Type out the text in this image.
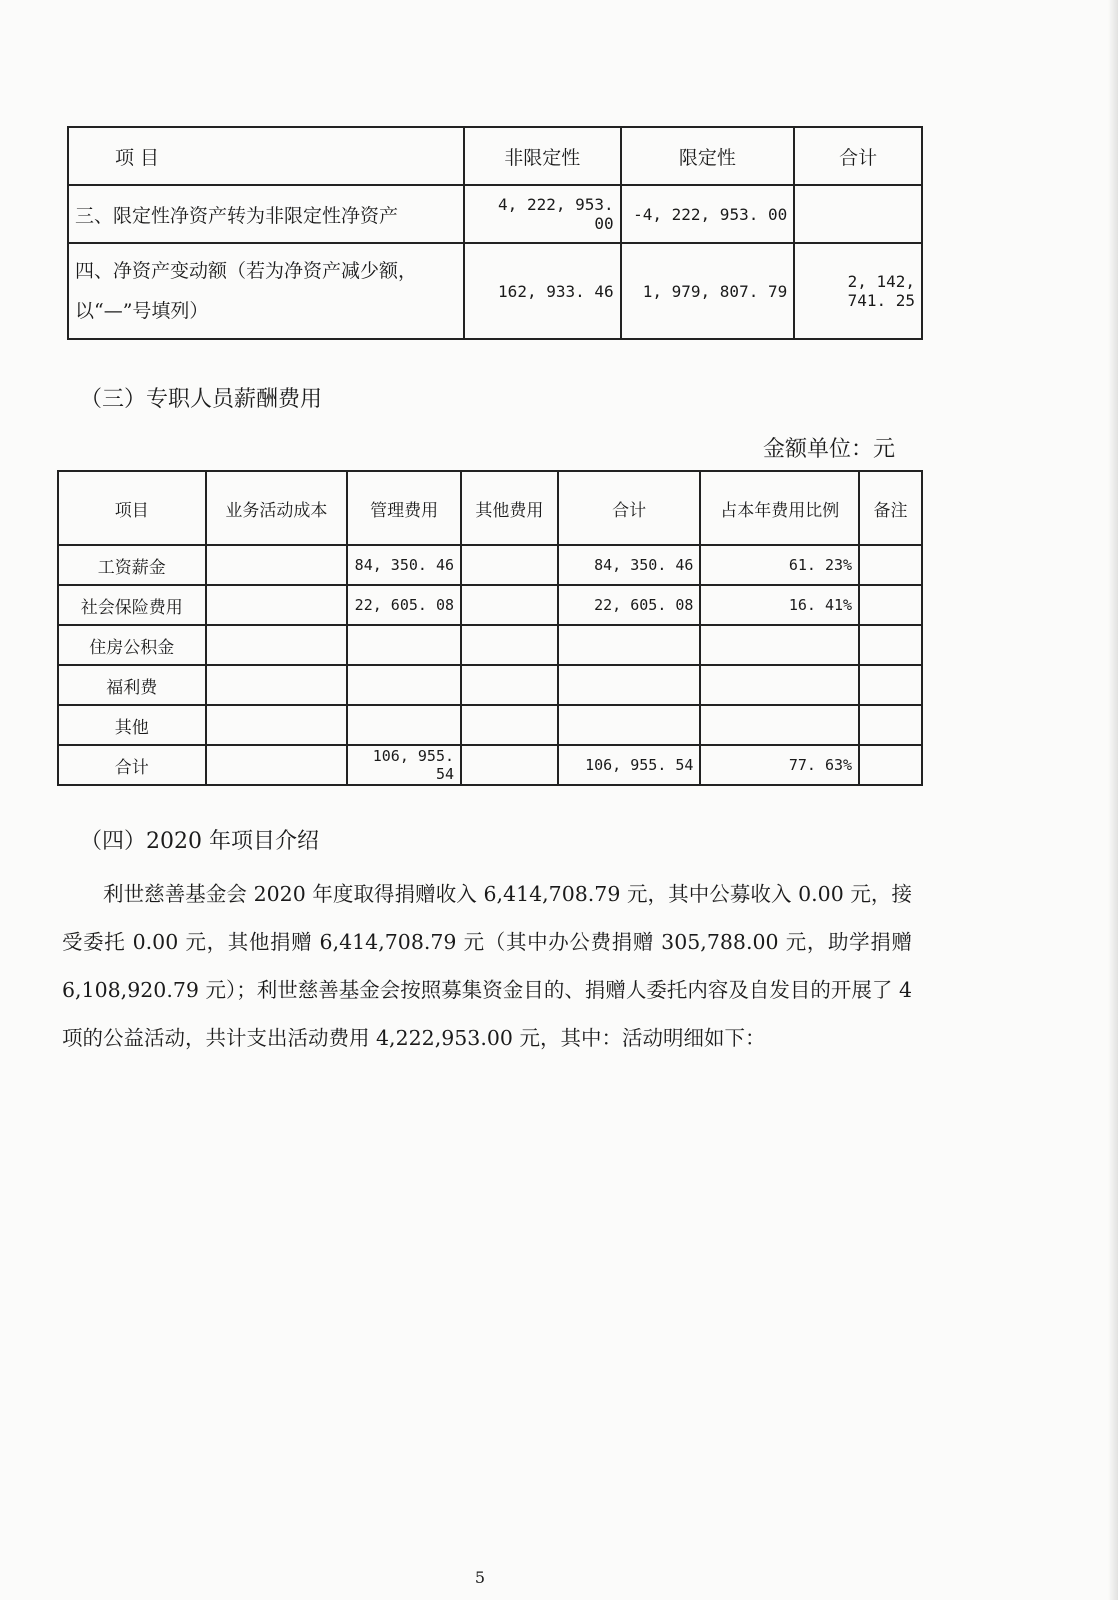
项 目	非限定性	限定性	合计
三、限定性净资产转为非限定性净资产	4, 222, 953. 00	-4, 222, 953. 00	

四、净资产变动额（若为净资产减少额，
以“—”号填列）	162, 933. 46	1, 979, 807. 79	2, 142, 741. 25
（三）专职人员薪酬费用
金额单位：元
项目	业务活动成本	管理费用	其他费用	合计	占本年费用比例	备注
工资薪金		84, 350. 46		84, 350. 46	61. 23%	
社会保险费用		22, 605. 08		22, 605. 08	16. 41%	
住房公积金						
福利费						
其他						
合计		106, 955. 54		106, 955. 54	77. 63%	
（四）2020 年项目介绍

利世慈善基金会 2020 年度取得捐赠收入 6,414,708.79 元，其中公募收入 0.00 元，接受委托 0.00 元，其他捐赠 6,414,708.79 元（其中办公费捐赠 305,788.00 元，助学捐赠 6,108,920.79 元）；利世慈善基金会按照募集资金目的、捐赠人委托内容及自发目的开展了 4 项的公益活动，共计支出活动费用 4,222,953.00 元，其中：活动明细如下：

5
